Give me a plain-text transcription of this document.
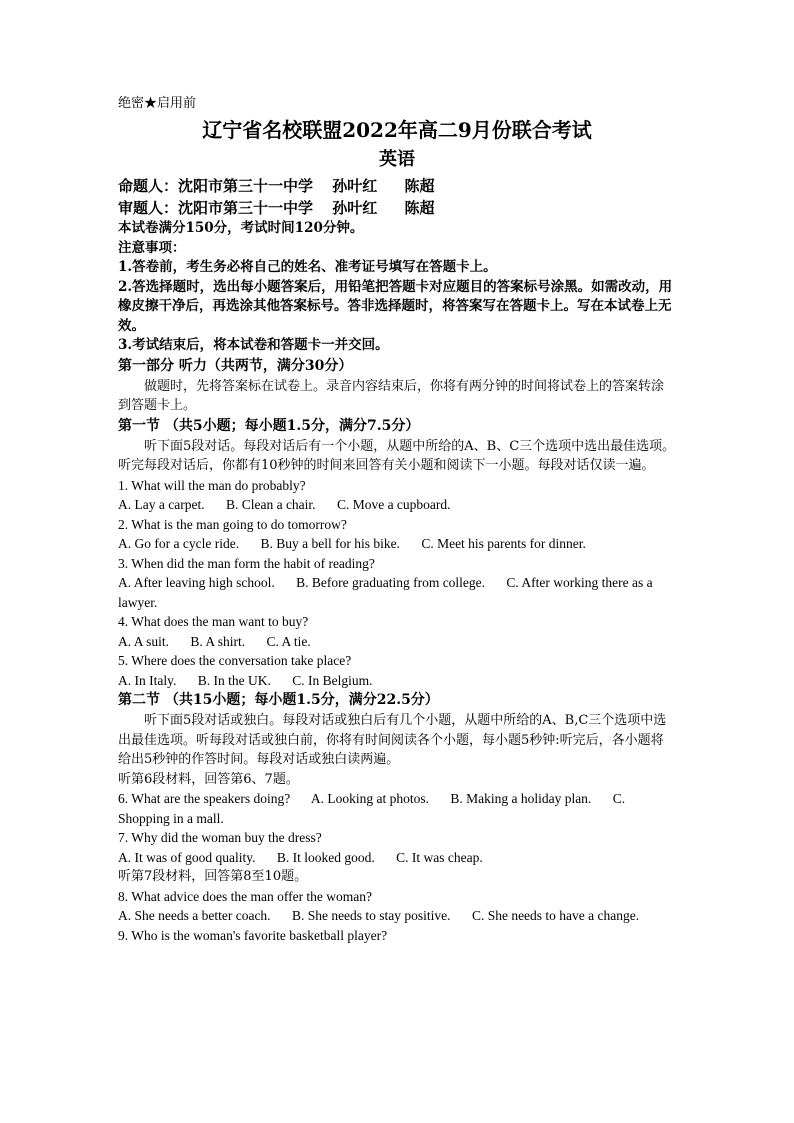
绝密★启用前
辽宁省名校联盟2022年高二9月份联合考试
英语
命题人：沈阳市第三十一中学 孙叶红 陈超
审题人：沈阳市第三十一中学 孙叶红 陈超
本试卷满分150分，考试时间120分钟。
注意事项：
1.答卷前，考生务必将自己的姓名、准考证号填写在答题卡上。
2.答选择题时，选出每小题答案后，用铅笔把答题卡对应题目的答案标号涂黑。如需改动，用橡皮擦干净后，再选涂其他答案标号。答非选择题时，将答案写在答题卡上。写在本试卷上无效。
3.考试结束后，将本试卷和答题卡一并交回。
第一部分 听力（共两节，满分30分）
做题时，先将答案标在试卷上。录音内容结束后，你将有两分钟的时间将试卷上的答案转涂到答题卡上。
第一节 （共5小题；每小题1.5分，满分7.5分）
听下面5段对话。每段对话后有一个小题，从题中所给的A、B、C三个选项中选出最佳选项。听完每段对话后，你都有10秒钟的时间来回答有关小题和阅读下一小题。每段对话仅读一遍。
1. What will the man do probably?
A. Lay a carpet. B. Clean a chair. C. Move a cupboard.
2. What is the man going to do tomorrow?
A. Go for a cycle ride. B. Buy a bell for his bike. C. Meet his parents for dinner.
3. When did the man form the habit of reading?
A. After leaving high school. B. Before graduating from college. C. After working there as a lawyer.
4. What does the man want to buy?
A. A suit. B. A shirt. C. A tie.
5. Where does the conversation take place?
A. In Italy. B. In the UK. C. In Belgium.
第二节 （共15小题；每小题1.5分，满分22.5分）
听下面5段对话或独白。每段对话或独白后有几个小题，从题中所给的A、B,C三个选项中选出最佳选项。听每段对话或独白前，你将有时间阅读各个小题，每小题5秒钟:听完后，各小题将给出5秒钟的作答时间。每段对话或独白读两遍。
听第6段材料，回答第6、7题。
6. What are the speakers doing? A. Looking at photos. B. Making a holiday plan. C. Shopping in a mall.
7. Why did the woman buy the dress?
A. It was of good quality. B. It looked good. C. It was cheap.
听第7段材料，回答第8至10题。
8. What advice does the man offer the woman?
A. She needs a better coach. B. She needs to stay positive. C. She needs to have a change.
9. Who is the woman's favorite basketball player?
